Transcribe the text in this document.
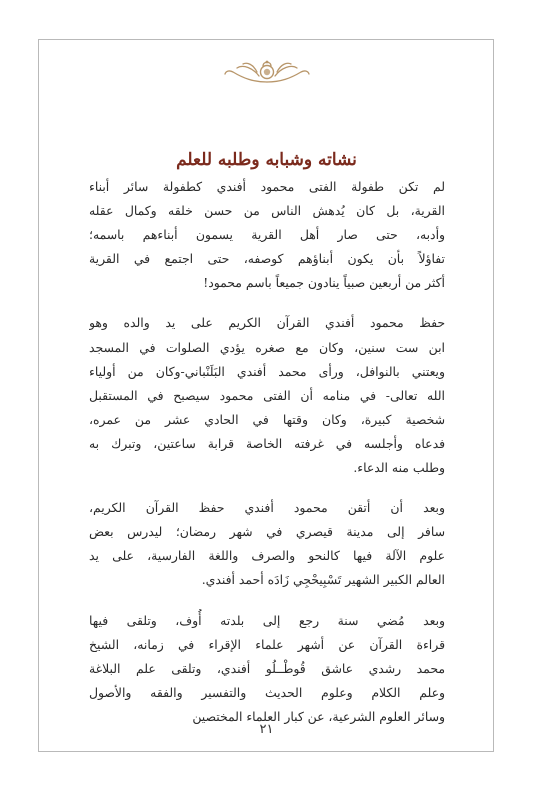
نشاته وشبابه وطلبه للعلم
لم تكن طفولة الفتى محمود أفندي كطفولة سائر أبناء
القرية، بل كان يُدهش الناس من حسن خلقه وكمال عقله
وأدبه، حتى صار أهل القرية يسمون أبناءهم باسمه؛
تفاؤلاً بأن يكون أبناؤهم كوصفه، حتى اجتمع في القرية
أكثر من أربعين صبياً ينادون جميعاً باسم محمود!
حفظ محمود أفندي القرآن الكريم على يد والده وهو
ابن ست سنين، وكان مع صغره يؤدي الصلوات في المسجد
ويعتني بالنوافل، ورأى محمد أفندي البَلَنْباني-وكان من أولياء
الله تعالى- في منامه أن الفتى محمود سيصبح في المستقبل
شخصية كبيرة، وكان وقتها في الحادي عشر من عمره،
فدعاه وأجلسه في غرفته الخاصة قرابة ساعتين، وتبرك به
وطلب منه الدعاء.
وبعد أن أتقن محمود أفندي حفظ القرآن الكريم،
سافر إلى مدينة قيصري في شهر رمضان؛ ليدرس بعض
علوم الآلة فيها كالنحو والصرف واللغة الفارسية، على يد
العالم الكبير الشهير تَسْبِيحْجِي زَادَه أحمد أفندي.
وبعد مُضي سنة رجع إلى بلدته أُوف، وتلقى فيها
قراءة القرآن عن أشهر علماء الإقراء في زمانه، الشيخ
محمد رشدي عاشق قُوطْــلُو أفندي، وتلقى علم البلاغة
وعلم الكلام وعلوم الحديث والتفسير والفقه والأصول
وسائر العلوم الشرعية، عن كبار العلماء المختصين
٢١
